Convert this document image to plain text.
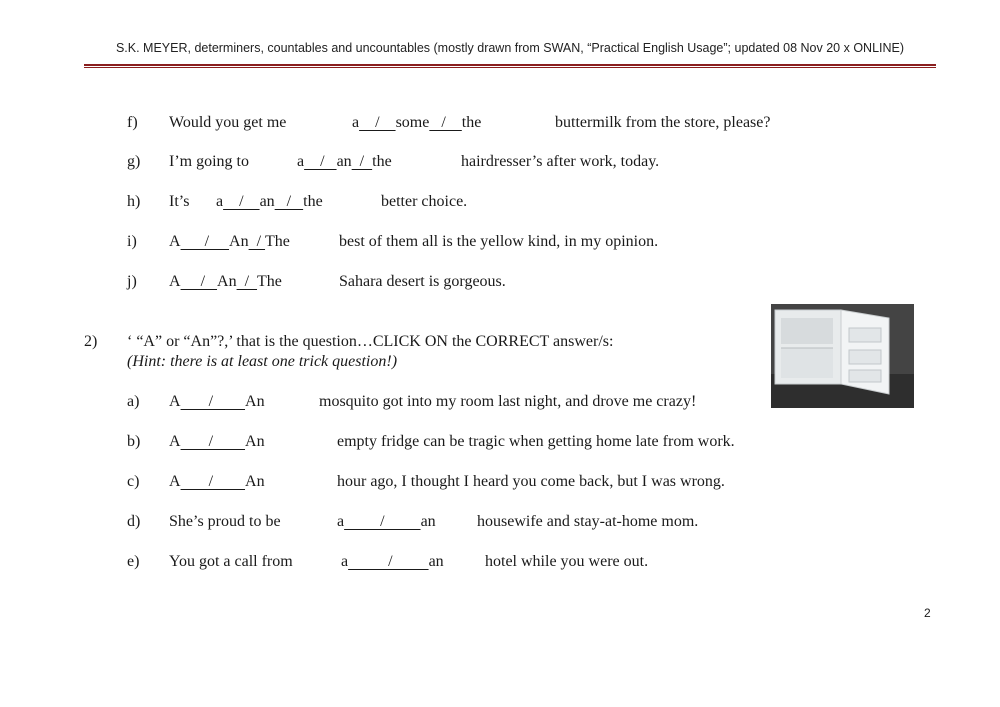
S.K. MEYER, determiners, countables and uncountables (mostly drawn from SWAN, “Practical English Usage”; updated 08 Nov 20 x ONLINE)
f) Would you get me	a    /    some   /    the	buttermilk from the store, please?
g) I’m going to	a    /   an  /  the	hairdresser’s after work, today.
h) It’s a    /    an   /   the	better choice.
i) A      /     An  / The	best of them all is the yellow kind, in my opinion.
j) A     /   An  /  The	Sahara desert is gorgeous.
2) ‘ “A” or “An”?,’ that is the question…CLICK ON the CORRECT answer/s:
(Hint: there is at least one trick question!)
a) A       /        An	mosquito got into my room last night, and drove me crazy!
b) A       /        An	empty fridge can be tragic when getting home late from work.
c) A       /        An	hour ago, I thought I heard you come back, but I was wrong.
d) She’s proud to be	a         /         an	housewife and stay-at-home mom.
e) You got a call from	a          /         an	hotel while you were out.
2
